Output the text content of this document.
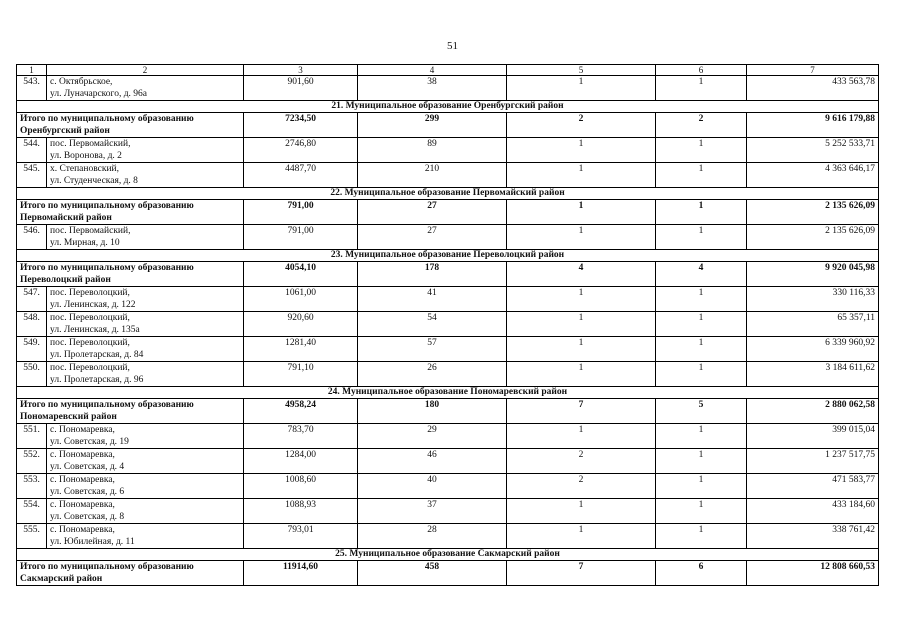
51
1	2	3	4	5	6	7
543.	с. Октябрьское,
ул. Луначарского, д. 96а	901,60	38	1	1	433 563,78
21. Муниципальное образование Оренбургский район						

Итого по муниципальному образованию
Оренбургский район		7234,50	299	2	2	9 616 179,88
544.	пос. Первомайский,
ул. Воронова, д. 2	2746,80	89	1	1	5 252 533,71
545.	х. Степановский,
ул. Студенческая, д. 8	4487,70	210	1	1	4 363 646,17
22. Муниципальное образование Первомайский район						

Итого по муниципальному образованию
Первомайский район		791,00	27	1	1	2 135 626,09
546.	пос. Первомайский,
ул. Мирная, д. 10	791,00	27	1	1	2 135 626,09
23. Муниципальное образование Переволоцкий район						

Итого по муниципальному образованию
Переволоцкий район		4054,10	178	4	4	9 920 045,98
547.	пос. Переволоцкий,
ул. Ленинская, д. 122	1061,00	41	1	1	330 116,33
548.	пос. Переволоцкий,
ул. Ленинская, д. 135а	920,60	54	1	1	65 357,11
549.	пос. Переволоцкий,
ул. Пролетарская, д. 84	1281,40	57	1	1	6 339 960,92
550.	пос. Переволоцкий,
ул. Пролетарская, д. 96	791,10	26	1	1	3 184 611,62
24. Муниципальное образование Пономаревский район						

Итого по муниципальному образованию
Пономаревский район		4958,24	180	7	5	2 880 062,58
551.	с. Пономаревка,
ул. Советская, д. 19	783,70	29	1	1	399 015,04
552.	с. Пономаревка,
ул. Советская, д. 4	1284,00	46	2	1	1 237 517,75
553.	с. Пономаревка,
ул. Советская, д. 6	1008,60	40	2	1	471 583,77
554.	с. Пономаревка,
ул. Советская, д. 8	1088,93	37	1	1	433 184,60
555.	с. Пономаревка,
ул. Юбилейная, д. 11	793,01	28	1	1	338 761,42
25. Муниципальное образование Сакмарский район						

Итого по муниципальному образованию
Сакмарский район		11914,60	458	7	6	12 808 660,53
